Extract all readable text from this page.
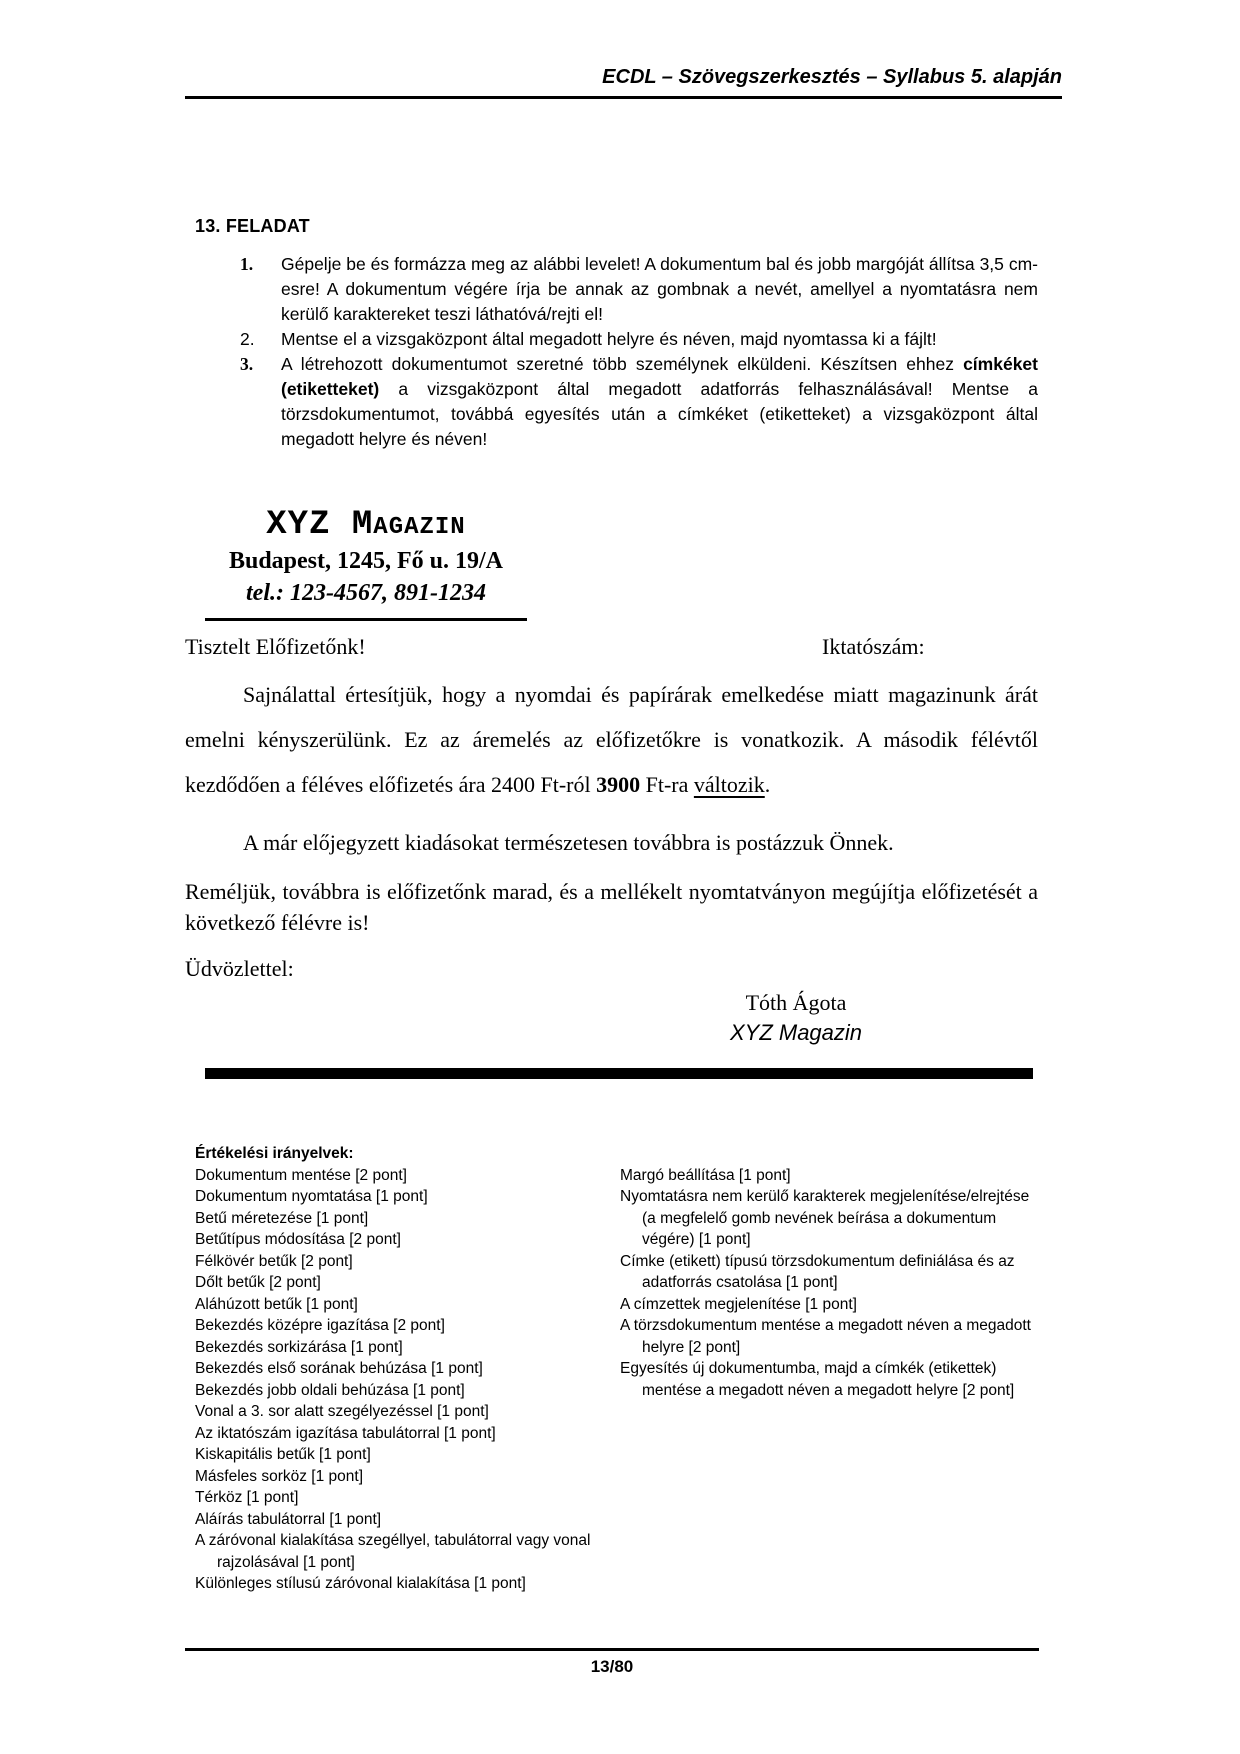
ECDL – Szövegszerkesztés – Syllabus 5. alapján
13. FELADAT
1.	Gépelje be és formázza meg az alábbi levelet! A dokumentum bal és jobb margóját állítsa 3,5 cm-esre! A dokumentum végére írja be annak az gombnak a nevét, amellyel a nyomtatásra nem kerülő karaktereket teszi láthatóvá/rejti el!
2.	Mentse el a vizsgaközpont által megadott helyre és néven, majd nyomtassa ki a fájlt!
3.	A létrehozott dokumentumot szeretné több személynek elküldeni. Készítsen ehhez címkéket (etiketteket) a vizsgaközpont által megadott adatforrás felhasználásával! Mentse a törzsdokumentumot, továbbá egyesítés után a címkéket (etiketteket) a vizsgaközpont által megadott helyre és néven!
XYZ Magazin
Budapest, 1245, Fő u. 19/A
tel.: 123-4567, 891-1234
Tisztelt Előfizetőnk!	Iktatószám:

Sajnálattal értesítjük, hogy a nyomdai és papírárak emelkedése miatt magazinunk árát emelni kényszerülünk. Ez az áremelés az előfizetőkre is vonatkozik. A második félévtől kezdődően a féléves előfizetés ára 2400 Ft-ról 3900 Ft-ra változik.

A már előjegyzett kiadásokat természetesen továbbra is postázzuk Önnek.

Reméljük, továbbra is előfizetőnk marad, és a mellékelt nyomtatványon megújítja előfizetését a következő félévre is!

Üdvözlettel:
Tóth Ágota
XYZ Magazin
Értékelési irányelvek:
Dokumentum mentése [2 pont]
Dokumentum nyomtatása [1 pont]
Betű méretezése [1 pont]
Betűtípus módosítása [2 pont]
Félkövér betűk [2 pont]
Dőlt betűk [2 pont]
Aláhúzott betűk [1 pont]
Bekezdés középre igazítása [2 pont]
Bekezdés sorkizárása [1 pont]
Bekezdés első sorának behúzása [1 pont]
Bekezdés jobb oldali behúzása [1 pont]
Vonal a 3. sor alatt szegélyezéssel [1 pont]
Az iktatószám igazítása tabulátorral [1 pont]
Kiskapitális betűk [1 pont]
Másfeles sorköz [1 pont]
Térköz [1 pont]
Aláírás tabulátorral [1 pont]
A záróvonal kialakítása szegéllyel, tabulátorral vagy vonal rajzolásával [1 pont]
Különleges stílusú záróvonal kialakítása [1 pont]
Margó beállítása [1 pont]
Nyomtatásra nem kerülő karakterek megjelenítése/elrejtése (a megfelelő gomb nevének beírása a dokumentum végére) [1 pont]
Címke (etikett) típusú törzsdokumentum definiálása és az adatforrás csatolása [1 pont]
A címzettek megjelenítése [1 pont]
A törzsdokumentum mentése a megadott néven a megadott helyre [2 pont]
Egyesítés új dokumentumba, majd a címkék (etikettek) mentése a megadott néven a megadott helyre [2 pont]
13/80
